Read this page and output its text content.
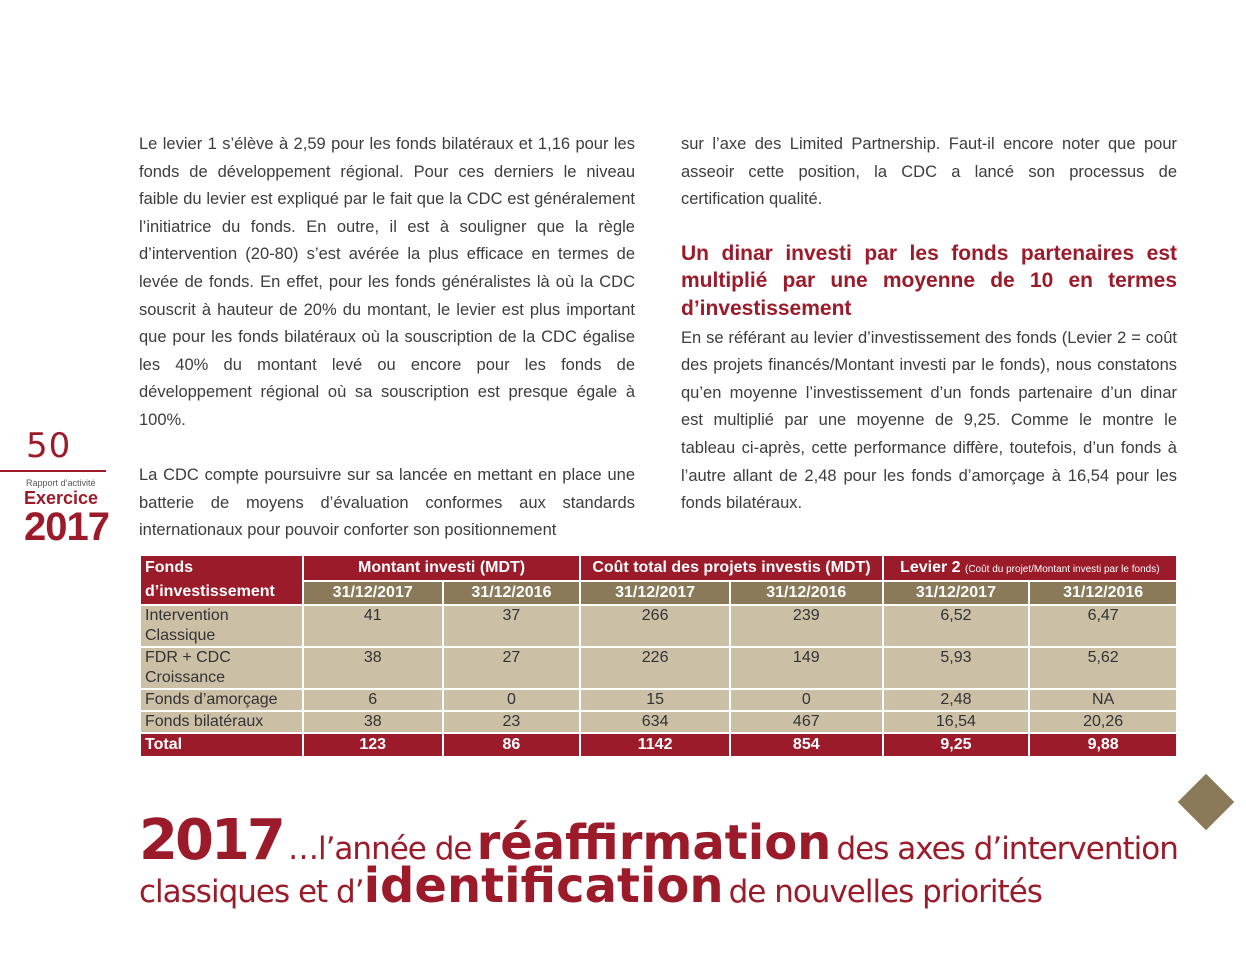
50
Rapport d’activité
Exercice
2017

Le levier 1 s’élève à 2,59 pour les fonds bilatéraux et 1,16 pour les fonds de développement régional. Pour ces derniers le niveau faible du levier est expliqué par le fait que la CDC est généralement l’initiatrice du fonds. En outre, il est à souligner que la règle d’intervention (20-80) s’est avérée la plus efficace en termes de levée de fonds. En effet, pour les fonds généralistes là où la CDC souscrit à hauteur de 20% du montant, le levier est plus important que pour les fonds bilatéraux où la souscription de la CDC égalise les 40% du montant levé ou encore pour les fonds de développement régional où sa souscription est presque égale à 100%.

La CDC compte poursuivre sur sa lancée en mettant en place une batterie de moyens d’évaluation conformes aux standards internationaux pour pouvoir conforter son positionnement

sur l’axe des Limited Partnership. Faut-il encore noter que pour asseoir cette position, la CDC a lancé son processus de certification qualité.

Un dinar investi par les fonds partenaires est multiplié par une moyenne de 10 en termes d’investissement

En se référant au levier d’investissement des fonds (Levier 2 = coût des projets financés/Montant investi par le fonds), nous constatons qu’en moyenne l’investissement d’un fonds partenaire d’un dinar est multiplié par une moyenne de 9,25. Comme le montre le tableau ci-après, cette performance diffère, toutefois, d’un fonds à l’autre allant de 2,48 pour les fonds d’amorçage à 16,54 pour les fonds bilatéraux.

Fonds d’investissement	Montant investi (MDT)		Coût total des projets investis (MDT)		Levier 2 (Coût du projet/Montant investi par le fonds)	
	31/12/2017	31/12/2016	31/12/2017	31/12/2016	31/12/2017	31/12/2016
Intervention Classique	41	37	266	239	6,52	6,47
FDR + CDC Croissance	38	27	226	149	5,93	5,62
Fonds d’amorçage	6	0	15	0	2,48	NA
Fonds bilatéraux	38	23	634	467	16,54	20,26
Total	123	86	1142	854	9,25	9,88
2017 …l’année de réaffirmation des axes d’intervention
classiques et d’identification de nouvelles priorités
